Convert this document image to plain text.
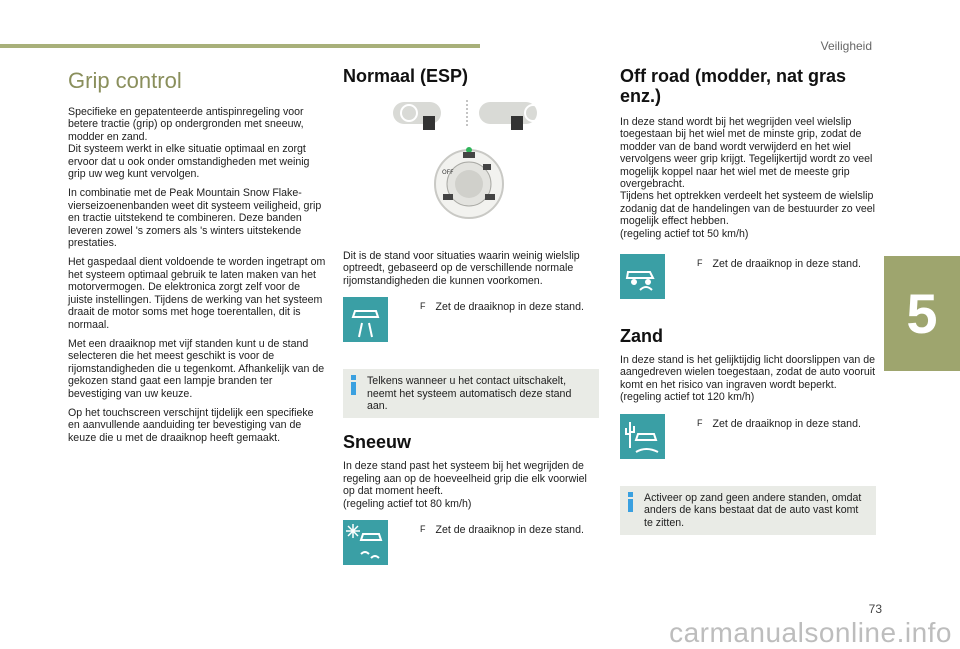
Veiligheid
5
73
carmanualsonline.info
Grip control

Specifieke en gepatenteerde antispinregeling voor betere tractie (grip) op ondergronden met sneeuw, modder en zand.
Dit systeem werkt in elke situatie optimaal en zorgt ervoor dat u ook onder omstandigheden met weinig grip uw weg kunt vervolgen.

In combinatie met de Peak Mountain Snow Flake-vierseizoenenbanden weet dit systeem veiligheid, grip en tractie uitstekend te combineren. Deze banden leveren zowel 's zomers als 's winters uitstekende prestaties.

Het gaspedaal dient voldoende te worden ingetrapt om het systeem optimaal gebruik te laten maken van het motorvermogen. De elektronica zorgt zelf voor de juiste instellingen. Tijdens de werking van het systeem draait de motor soms met hoge toerentallen, dit is normaal.

Met een draaiknop met vijf standen kunt u de stand selecteren die het meest geschikt is voor de rijomstandigheden die u tegenkomt. Afhankelijk van de gekozen stand gaat een lampje branden ter bevestiging van uw keuze.

Op het touchscreen verschijnt tijdelijk een specifieke en aanvullende aanduiding ter bevestiging van de keuze die u met de draaiknop heeft gemaakt.

Normaal (ESP)
OFF

Dit is de stand voor situaties waarin weinig wielslip optreedt, gebaseerd op de verschillende normale rijomstandigheden die kunnen voorkomen.

F Zet de draaiknop in deze stand.

Telkens wanneer u het contact uitschakelt, neemt het systeem automatisch deze stand aan.

Sneeuw

In deze stand past het systeem bij het wegrijden de regeling aan op de hoeveelheid grip die elk voorwiel op dat moment heeft.
(regeling actief tot 80 km/h)

F Zet de draaiknop in deze stand.
Off road (modder, nat gras enz.)

In deze stand wordt bij het wegrijden veel wielslip toegestaan bij het wiel met de minste grip, zodat de modder van de band wordt verwijderd en het wiel vervolgens weer grip krijgt. Tegelijkertijd wordt zo veel mogelijk koppel naar het wiel met de meeste grip overgebracht.
Tijdens het optrekken verdeelt het systeem de wielslip zodanig dat de handelingen van de bestuurder zo veel mogelijk effect hebben.
(regeling actief tot 50 km/h)

F Zet de draaiknop in deze stand.
Zand

In deze stand is het gelijktijdig licht doorslippen van de aangedreven wielen toegestaan, zodat de auto vooruit komt en het risico van ingraven wordt beperkt.
(regeling actief tot 120 km/h)

F Zet de draaiknop in deze stand.

Activeer op zand geen andere standen, omdat anders de kans bestaat dat de auto vast komt te zitten.
